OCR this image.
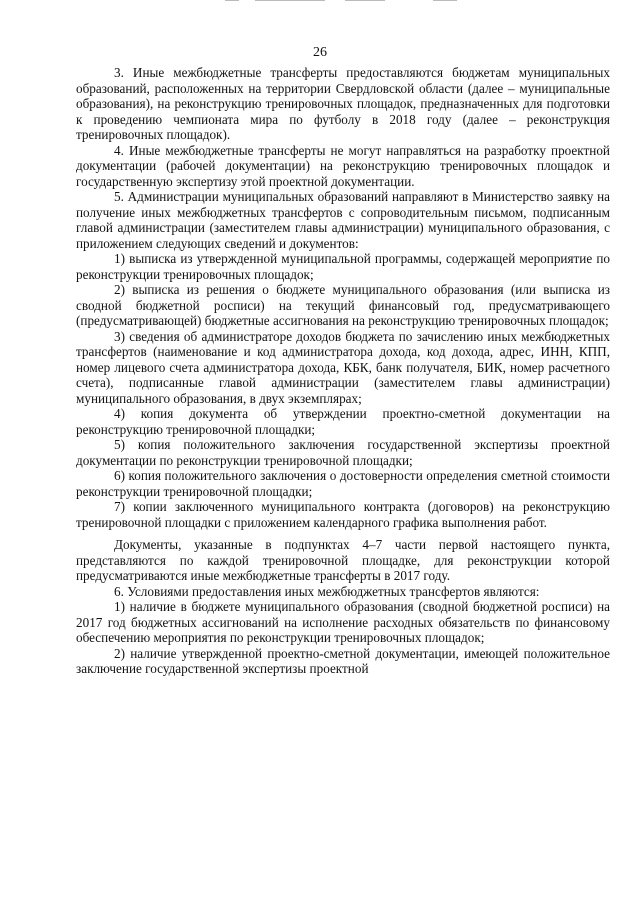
26

3. Иные межбюджетные трансферты предоставляются бюджетам муниципальных образований, расположенных на территории Свердловской области (далее – муниципальные образования), на реконструкцию тренировочных площадок, предназначенных для подготовки к проведению чемпионата мира по футболу в 2018 году (далее – реконструкция тренировочных площадок).

4. Иные межбюджетные трансферты не могут направляться на разработку проектной документации (рабочей документации) на реконструкцию тренировочных площадок и государственную экспертизу этой проектной документации.

5. Администрации муниципальных образований направляют в Министерство заявку на получение иных межбюджетных трансфертов с сопроводительным письмом, подписанным главой администрации (заместителем главы администрации) муниципального образования, с приложением следующих сведений и документов:

1) выписка из утвержденной муниципальной программы, содержащей мероприятие по реконструкции тренировочных площадок;

2) выписка из решения о бюджете муниципального образования (или выписка из сводной бюджетной росписи) на текущий финансовый год, предусматривающего (предусматривающей) бюджетные ассигнования на реконструкцию тренировочных площадок;

3) сведения об администраторе доходов бюджета по зачислению иных межбюджетных трансфертов (наименование и код администратора дохода, код дохода, адрес, ИНН, КПП, номер лицевого счета администратора дохода, КБК, банк получателя, БИК, номер расчетного счета), подписанные главой администрации (заместителем главы администрации) муниципального образования, в двух экземплярах;

4) копия документа об утверждении проектно-сметной документации на реконструкцию тренировочной площадки;

5) копия положительного заключения государственной экспертизы проектной документации по реконструкции тренировочной площадки;

6) копия положительного заключения о достоверности определения сметной стоимости реконструкции тренировочной площадки;

7) копии заключенного муниципального контракта (договоров) на реконструкцию тренировочной площадки с приложением календарного графика выполнения работ.

Документы, указанные в подпунктах 4–7 части первой настоящего пункта, представляются по каждой тренировочной площадке, для реконструкции которой предусматриваются иные межбюджетные трансферты в 2017 году.

6. Условиями предоставления иных межбюджетных трансфертов являются:

1) наличие в бюджете муниципального образования (сводной бюджетной росписи) на 2017 год бюджетных ассигнований на исполнение расходных обязательств по финансовому обеспечению мероприятия по реконструкции тренировочных площадок;

2) наличие утвержденной проектно-сметной документации, имеющей положительное заключение государственной экспертизы проектной
